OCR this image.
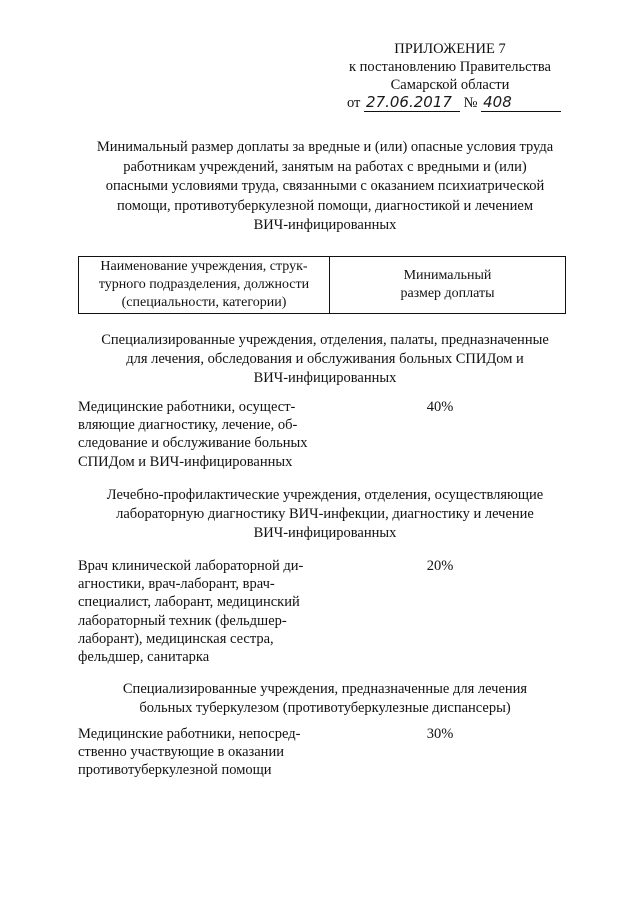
ПРИЛОЖЕНИЕ 7
к постановлению Правительства
Самарской области
от 27.06.2017 № 408
Минимальный размер доплаты за вредные и (или) опасные условия труда
работникам учреждений, занятым на работах с вредными и (или)
опасными условиями труда, связанными с оказанием психиатрической
помощи, противотуберкулезной помощи, диагностикой и лечением
ВИЧ-инфицированных
Наименование учреждения, струк-
турного подразделения, должности
(специальности, категории)
Минимальный
размер доплаты
Специализированные учреждения, отделения, палаты, предназначенные
для лечения, обследования и обслуживания больных СПИДом и
ВИЧ-инфицированных
Медицинские работники, осущест-
вляющие диагностику, лечение, об-
следование и обслуживание больных
СПИДом и ВИЧ-инфицированных
40%
Лечебно-профилактические учреждения, отделения, осуществляющие
лабораторную диагностику ВИЧ-инфекции, диагностику и лечение
ВИЧ-инфицированных
Врач клинической лабораторной ди-
агностики, врач-лаборант, врач-
специалист, лаборант, медицинский
лабораторный техник (фельдшер-
лаборант), медицинская сестра,
фельдшер, санитарка
20%
Специализированные учреждения, предназначенные для лечения
больных туберкулезом (противотуберкулезные диспансеры)
Медицинские работники, непосред-
ственно участвующие в оказании
противотуберкулезной помощи
30%
